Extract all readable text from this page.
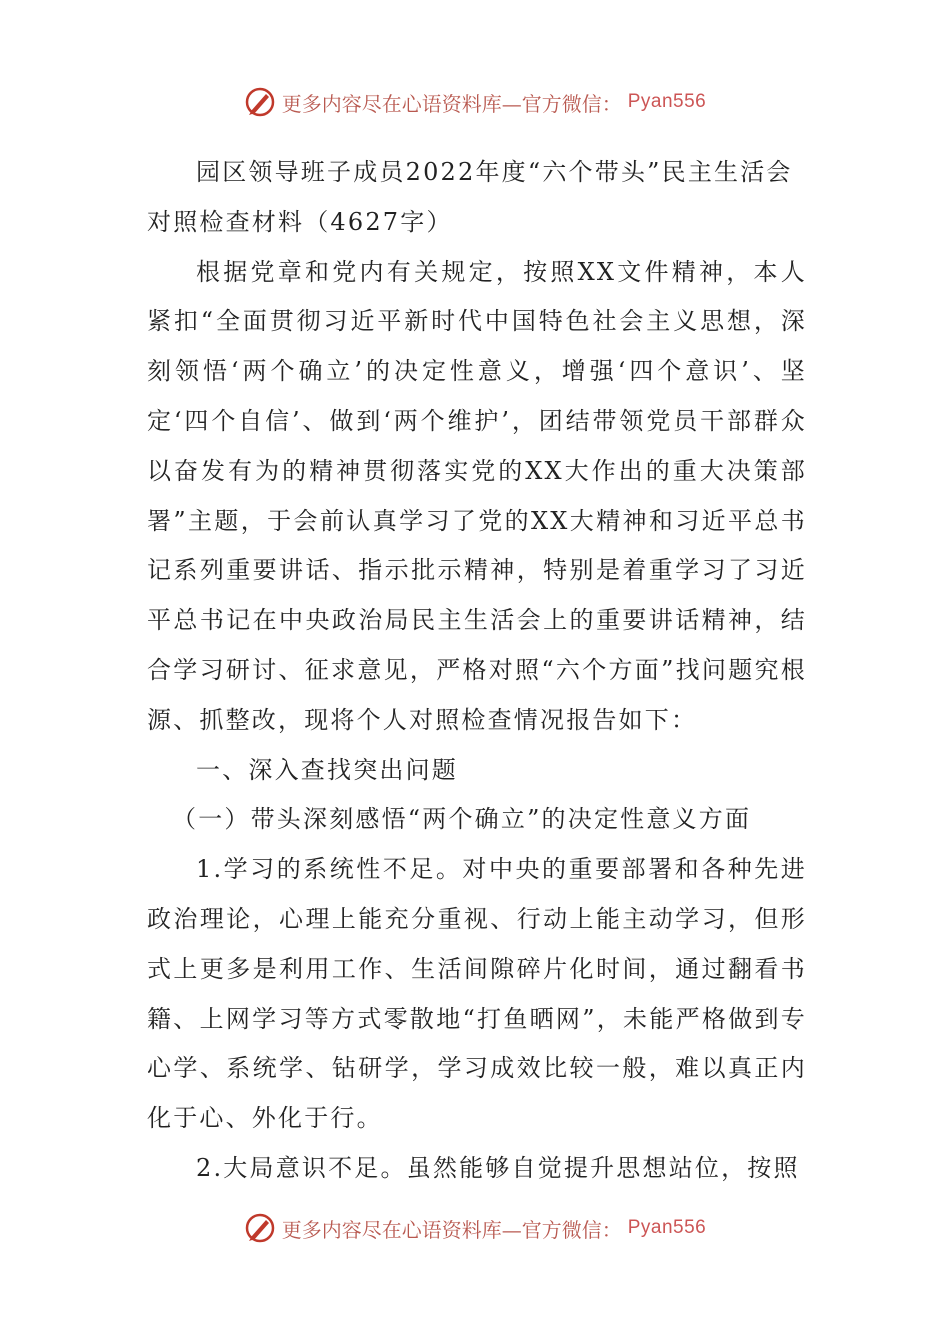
更多内容尽在心语资料库—官方微信： Pyan556

园区领导班子成员2022年度“六个带头”民主生活会

对照检查材料（4627字）

根据党章和党内有关规定，按照XX文件精神，本人紧扣“全面贯彻习近平新时代中国特色社会主义思想，深刻领悟‘两个确立’的决定性意义，增强‘四个意识’、坚定‘四个自信’、做到‘两个维护’，团结带领党员干部群众以奋发有为的精神贯彻落实党的XX大作出的重大决策部署”主题，于会前认真学习了党的XX大精神和习近平总书记系列重要讲话、指示批示精神，特别是着重学习了习近平总书记在中央政治局民主生活会上的重要讲话精神，结合学习研讨、征求意见，严格对照“六个方面”找问题究根源、抓整改，现将个人对照检查情况报告如下：

一、深入查找突出问题

（一）带头深刻感悟“两个确立”的决定性意义方面

1.学习的系统性不足。对中央的重要部署和各种先进政治理论，心理上能充分重视、行动上能主动学习，但形式上更多是利用工作、生活间隙碎片化时间，通过翻看书籍、上网学习等方式零散地“打鱼晒网”，未能严格做到专心学、系统学、钻研学，学习成效比较一般，难以真正内化于心、外化于行。

2.大局意识不足。虽然能够自觉提升思想站位，按照

更多内容尽在心语资料库—官方微信： Pyan556
